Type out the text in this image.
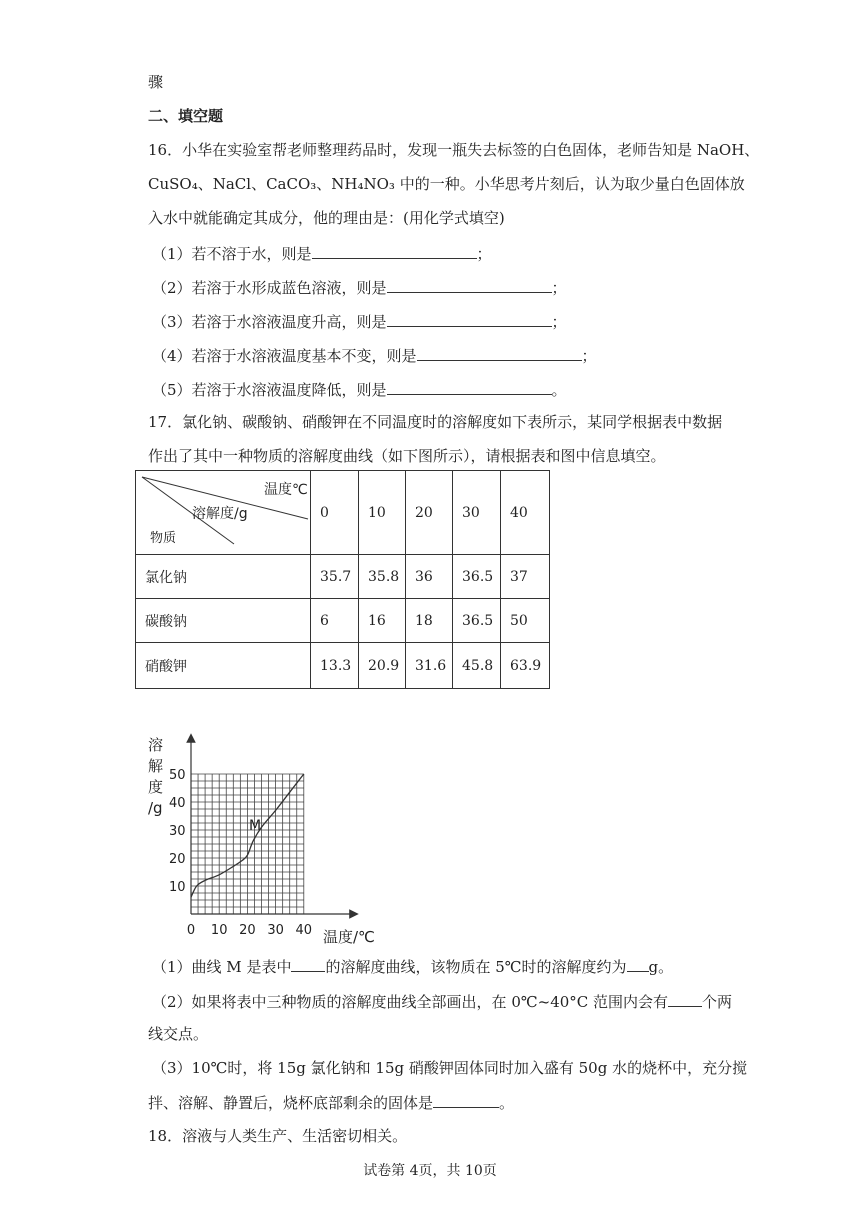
骤
二、填空题
16．小华在实验室帮老师整理药品时，发现一瓶失去标签的白色固体，老师告知是 NaOH、
CuSO₄、NaCl、CaCO₃、NH₄NO₃ 中的一种。小华思考片刻后，认为取少量白色固体放
入水中就能确定其成分，他的理由是：(用化学式填空)
（1）若不溶于水，则是	；
（2）若溶于水形成蓝色溶液，则是	；
（3）若溶于水溶液温度升高，则是	；
（4）若溶于水溶液温度基本不变，则是	；
（5）若溶于水溶液温度降低，则是	。
17．氯化钠、碳酸钠、硝酸钾在不同温度时的溶解度如下表所示，某同学根据表中数据
作出了其中一种物质的溶解度曲线（如下图所示），请根据表和图中信息填空。
温度℃
溶解度/g
物质	0	10	20	30	40
氯化钠	35.7	35.8	36	36.5	37
碳酸钠	6	16	18	36.5	50
硝酸钾	13.3	20.9	31.6	45.8	63.9
溶
解
度
/g
10
20
30
40
50
0 10 20 30 40 温度/℃
M
（1）曲线 M 是表中 的溶解度曲线，该物质在 5℃时的溶解度约为 g。
（2）如果将表中三种物质的溶解度曲线全部画出，在 0℃~40°C 范围内会有 个两
线交点。
（3）10℃时，将 15g 氯化钠和 15g 硝酸钾固体同时加入盛有 50g 水的烧杯中，充分搅
拌、溶解、静置后，烧杯底部剩余的固体是	。
18．溶液与人类生产、生活密切相关。
试卷第 4页，共 10页
